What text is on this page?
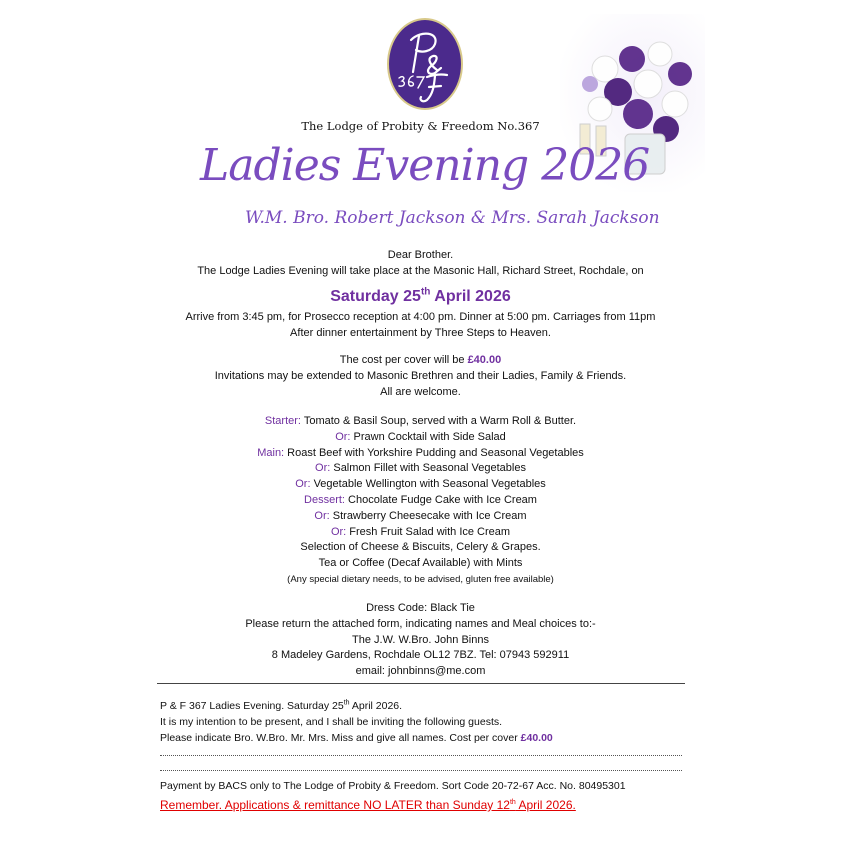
The Lodge of Probity & Freedom No.367
Ladies Evening 2026
W.M. Bro. Robert Jackson & Mrs. Sarah Jackson
Dear Brother.
The Lodge Ladies Evening will take place at the Masonic Hall, Richard Street, Rochdale, on
Saturday 25th April 2026
Arrive from 3:45 pm, for Prosecco reception at 4:00 pm. Dinner at 5:00 pm. Carriages from 11pm
After dinner entertainment by Three Steps to Heaven.
The cost per cover will be £40.00
Invitations may be extended to Masonic Brethren and their Ladies, Family & Friends.
All are welcome.
Starter: Tomato & Basil Soup, served with a Warm Roll & Butter.
Or: Prawn Cocktail with Side Salad
Main: Roast Beef with Yorkshire Pudding and Seasonal Vegetables
Or: Salmon Fillet with Seasonal Vegetables
Or: Vegetable Wellington with Seasonal Vegetables
Dessert: Chocolate Fudge Cake with Ice Cream
Or: Strawberry Cheesecake with Ice Cream
Or: Fresh Fruit Salad with Ice Cream
Selection of Cheese & Biscuits, Celery & Grapes.
Tea or Coffee (Decaf Available) with Mints
(Any special dietary needs, to be advised, gluten free available)
Dress Code: Black Tie
Please return the attached form, indicating names and Meal choices to:-
The J.W. W.Bro. John Binns
8 Madeley Gardens, Rochdale OL12 7BZ. Tel: 07943 592911
email: johnbinns@me.com
P & F 367 Ladies Evening. Saturday 25th April 2026.
It is my intention to be present, and I shall be inviting the following guests.
Please indicate Bro. W.Bro. Mr. Mrs. Miss and give all names. Cost per cover £40.00
Payment by BACS only to The Lodge of Probity & Freedom. Sort Code 20-72-67 Acc. No. 80495301
Remember. Applications & remittance NO LATER than Sunday 12th April 2026.
